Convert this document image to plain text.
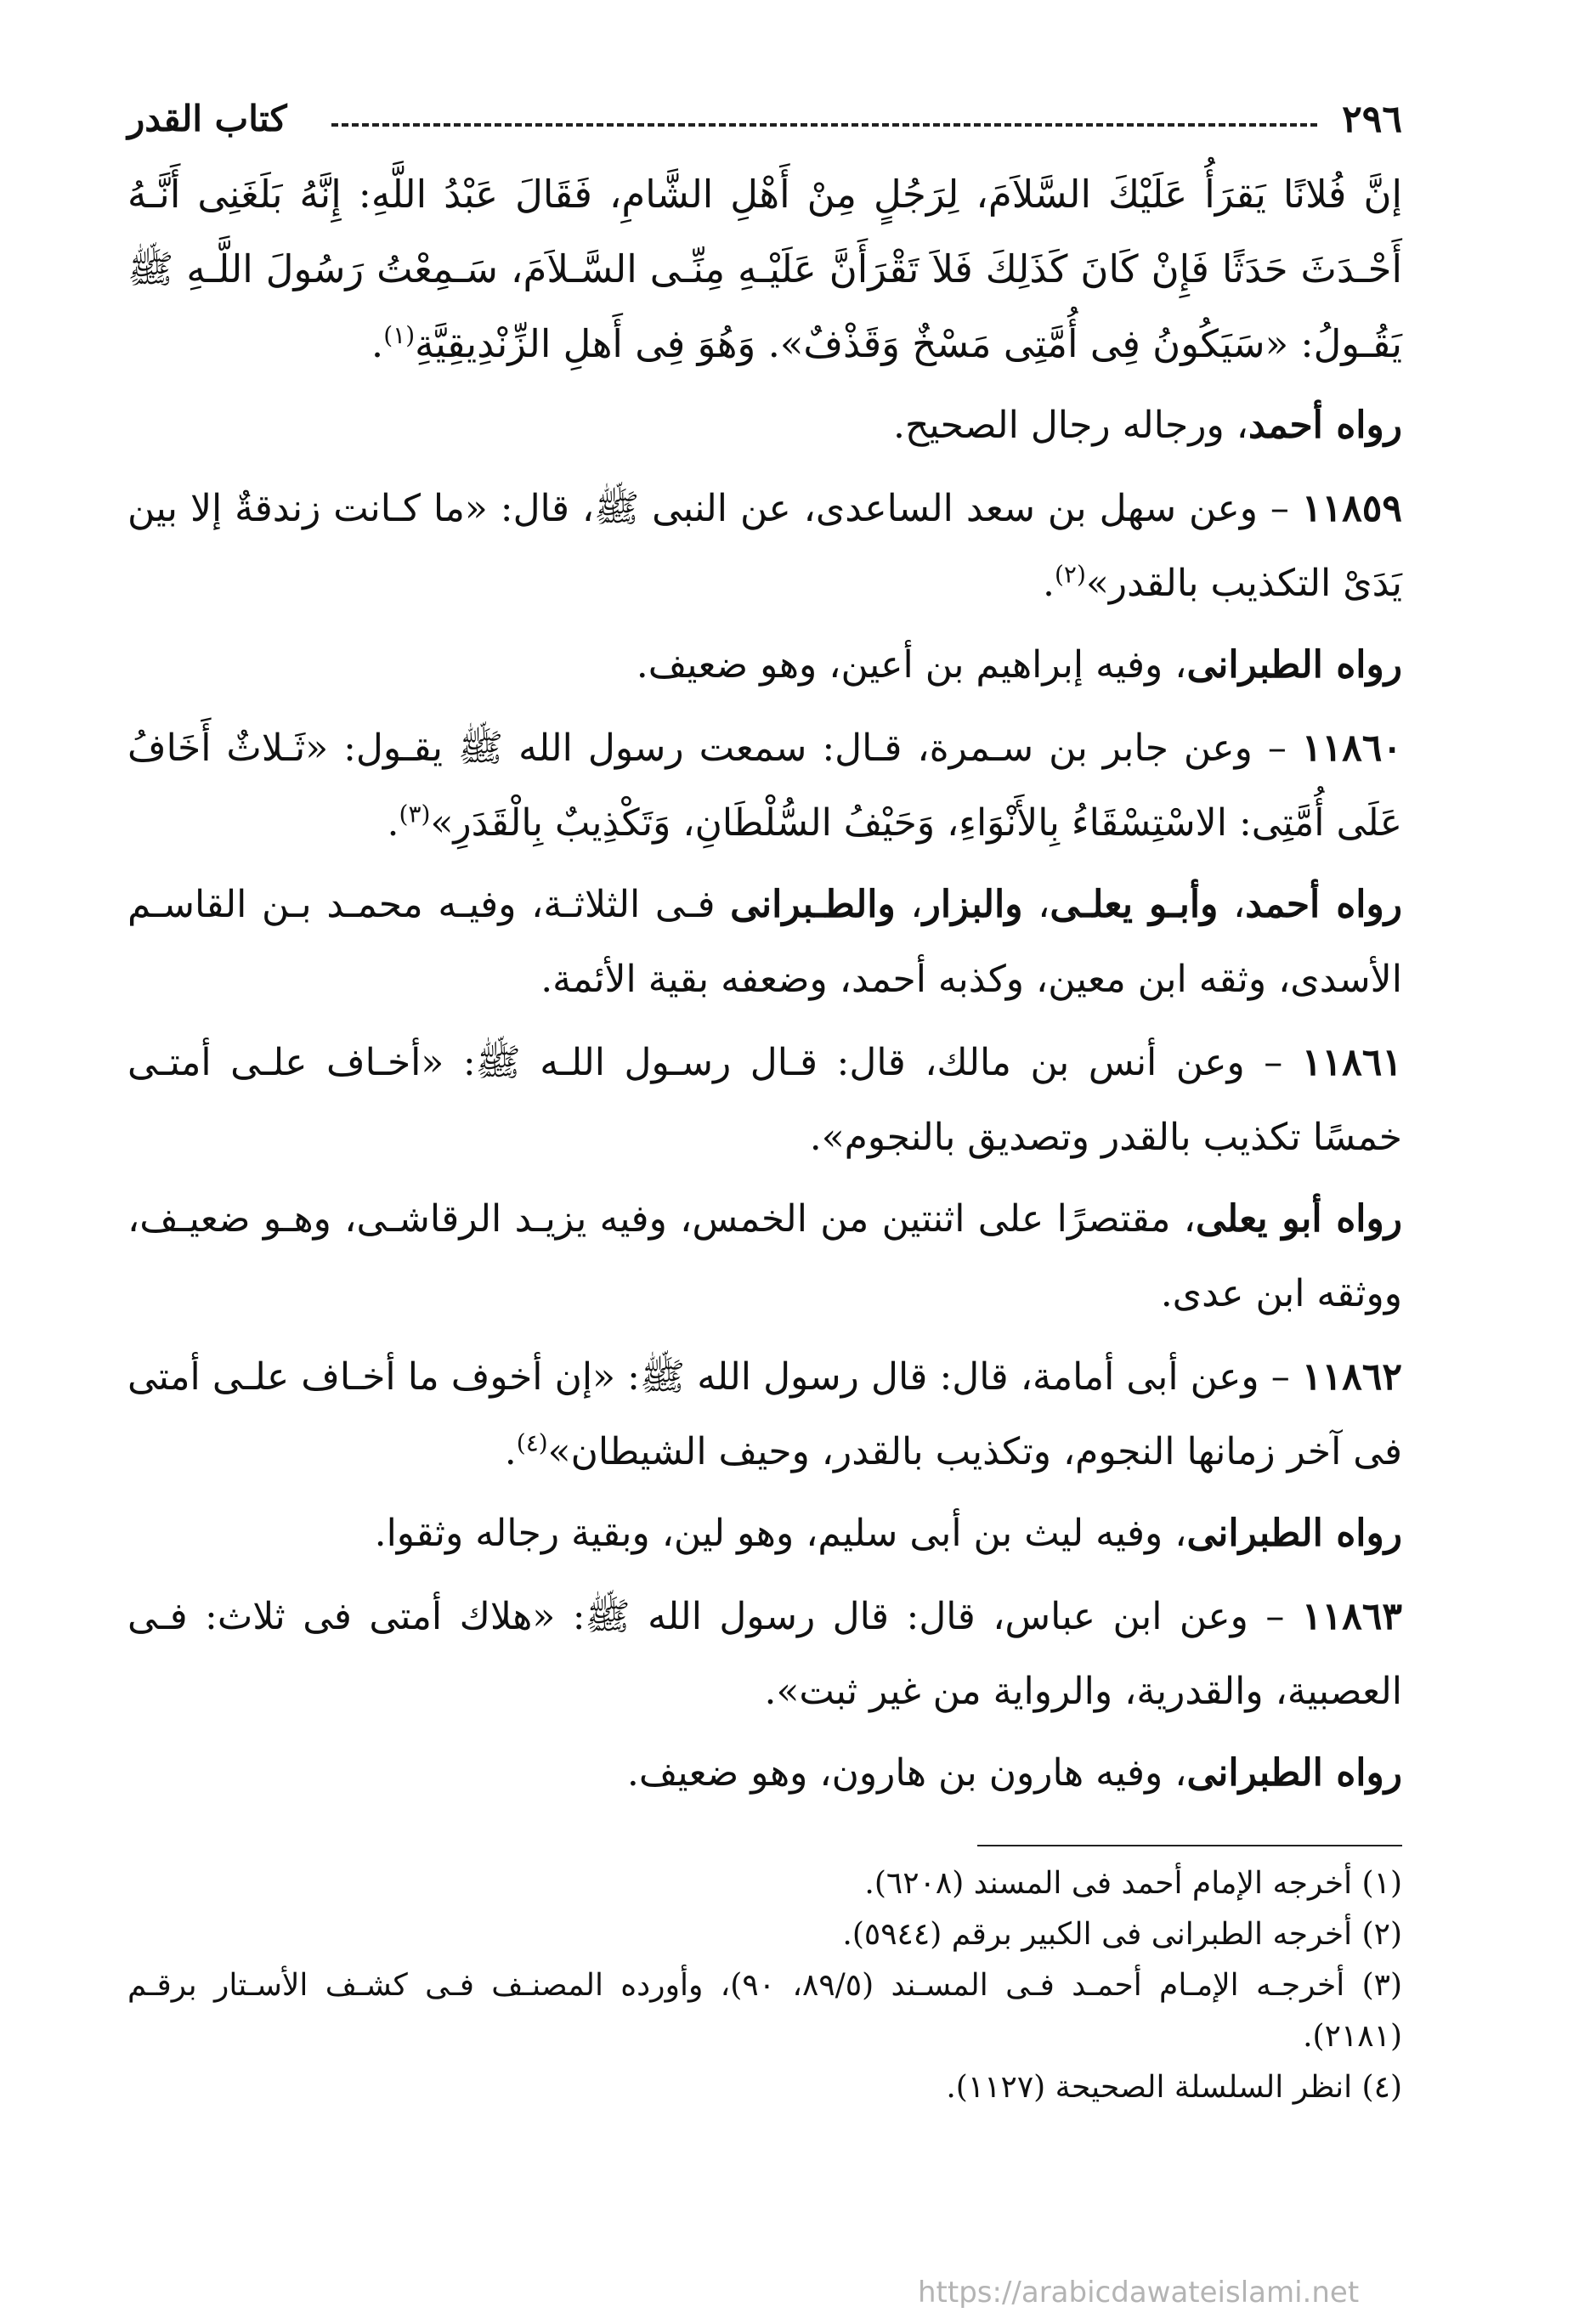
٢٩٦
كتاب القدر

إنَّ فُلانًا يَقرَأُ عَلَيْكَ السَّلاَمَ، لِرَجُلٍ مِنْ أَهْلِ الشَّامِ، فَقَالَ عَبْدُ اللَّهِ: إِنَّهُ بَلَغَنِى أَنَّـهُ أَحْـدَثَ حَدَثًا فَإِنْ كَانَ كَذَلِكَ فَلاَ تَقْرَأَنَّ عَلَيْـهِ مِنِّـى السَّـلاَمَ، سَـمِعْتُ رَسُولَ اللَّـهِ ﷺ يَقُـولُ: «سَيَكُونُ فِى أُمَّتِى مَسْخٌ وَقَذْفٌ». وَهُوَ فِى أَهلِ الزِّنْدِيقِيَّةِ$^{(١)}$.

رواه أحمد، ورجاله رجال الصحيح.

١١٨٥٩ – وعن سهل بن سعد الساعدى، عن النبى ﷺ، قال: «ما كـانت زندقةٌ إلا بين يَدَىْ التكذيب بالقدر»$^{(٢)}$.

رواه الطبرانى، وفيه إبراهيم بن أعين، وهو ضعيف.

١١٨٦٠ – وعن جابر بن سـمرة، قـال: سمعت رسول الله ﷺ يقـول: «ثَـلاثٌ أَخَافُ عَلَى أُمَّتِى: الاسْتِسْقَاءُ بِالأَنْوَاءِ، وَحَيْفُ السُّلْطَانِ، وَتَكْذِيبٌ بِالْقَدَرِ»$^{(٣)}$.

رواه أحمد، وأبـو يعلـى، والبزار، والطـبرانى فـى الثلاثـة، وفيـه محمـد بـن القاسـم الأسدى، وثقه ابن معين، وكذبه أحمد، وضعفه بقية الأئمة.

١١٨٦١ – وعن أنس بن مالك، قال: قـال رسـول اللـه ﷺ: «أخـاف علـى أمتـى خمسًا تكذيب بالقدر وتصديق بالنجوم».

رواه أبو يعلى، مقتصرًا على اثنتين من الخمس، وفيه يزيـد الرقاشـى، وهـو ضعيـف، ووثقه ابن عدى.

١١٨٦٢ – وعن أبى أمامة، قال: قال رسول الله ﷺ: «إن أخوف ما أخـاف علـى أمتى فى آخر زمانها النجوم، وتكذيب بالقدر، وحيف الشيطان»$^{(٤)}$.

رواه الطبرانى، وفيه ليث بن أبى سليم، وهو لين، وبقية رجاله وثقوا.

١١٨٦٣ – وعن ابن عباس، قال: قال رسول الله ﷺ: «هلاك أمتى فى ثلاث: فـى العصبية، والقدرية، والرواية من غير ثبت».

رواه الطبرانى، وفيه هارون بن هارون، وهو ضعيف.

(١) أخرجه الإمام أحمد فى المسند (٦٢٠٨).

(٢) أخرجه الطبرانى فى الكبير برقم (٥٩٤٤).

(٣) أخرجـه الإمـام أحمـد فـى المسـند (٨٩/٥، ٩٠)، وأورده المصنـف فـى كشـف الأسـتار برقـم (٢١٨١).

(٤) انظر السلسلة الصحيحة (١١٢٧).

https://arabicdawateislami.net
